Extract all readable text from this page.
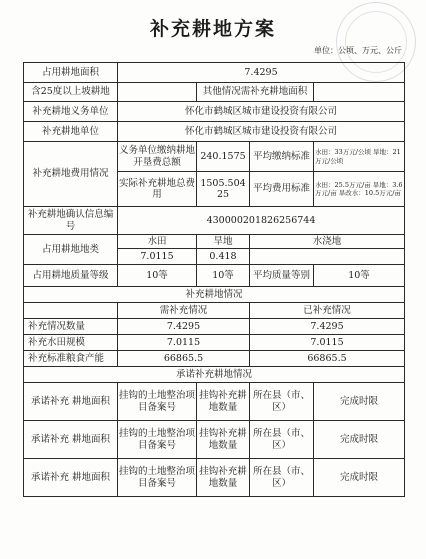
补充耕地方案
单位：公顷、万元、公斤
占用耕地面积	7.4295			
含25度以上坡耕地		其他情况需补充耕地面积		
补充耕地义务单位	怀化市鹤城区城市建设投资有限公司			
补充耕地单位	怀化市鹤城区城市建设投资有限公司			
补充耕地费用情况	义务单位缴纳耕地开垦费总额	240.1575	平均缴纳标准	水田：33万元/公顷 旱地：21万元/公顷
	实际补充耕地总费用	1505.50425	平均费用标准	水田：25.5万元/亩 旱地：3.6万元/亩 旱改水：10.5万元/亩
补充耕地确认信息编号	430000201826256744			
占用耕地地类	水田	旱地	水浇地	
	7.0115	0.418		
占用耕地质量等级	10等	10等	平均质量等别	10等
补充耕地情况				
	需补充情况		已补充情况	
补充情况数量	7.4295		7.4295	
补充水田规模	7.0115		7.0115	
补充标准粮食产能	66865.5		66865.5	
承诺补充耕地情况				
承诺补充 耕地面积	挂钩的土地整治项目备案号	挂钩补充耕地数量	所在县（市、区）	完成时限
承诺补充 耕地面积	挂钩的土地整治项目备案号	挂钩补充耕地数量	所在县（市、区）	完成时限
承诺补充 耕地面积	挂钩的土地整治项目备案号	挂钩补充耕地数量	所在县（市、区）	完成时限
